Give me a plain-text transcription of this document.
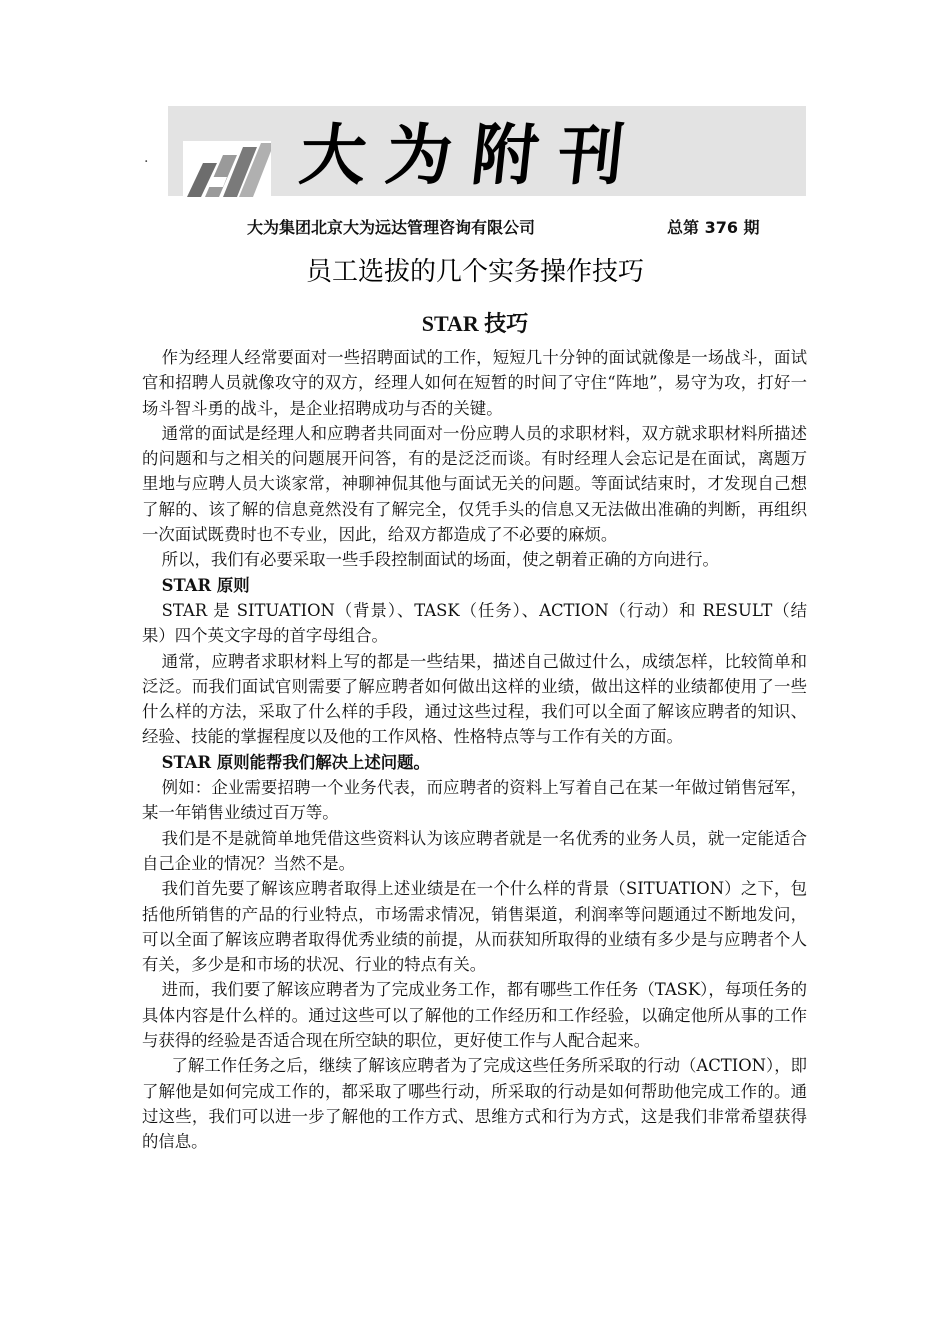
大为附刊
.
大为集团北京大为远达管理咨询有限公司	总第 376 期
员工选拔的几个实务操作技巧
STAR 技巧

作为经理人经常要面对一些招聘面试的工作，短短几十分钟的面试就像是一场战斗，面试官和招聘人员就像攻守的双方，经理人如何在短暂的时间了守住“阵地”，易守为攻，打好一场斗智斗勇的战斗，是企业招聘成功与否的关键。

通常的面试是经理人和应聘者共同面对一份应聘人员的求职材料，双方就求职材料所描述的问题和与之相关的问题展开问答，有的是泛泛而谈。有时经理人会忘记是在面试，离题万里地与应聘人员大谈家常，神聊神侃其他与面试无关的问题。等面试结束时，才发现自己想了解的、该了解的信息竟然没有了解完全，仅凭手头的信息又无法做出准确的判断，再组织一次面试既费时也不专业，因此，给双方都造成了不必要的麻烦。

所以，我们有必要采取一些手段控制面试的场面，使之朝着正确的方向进行。

STAR 原则

STAR 是 SITUATION（背景）、TASK（任务）、ACTION（行动）和 RESULT（结果）四个英文字母的首字母组合。

通常，应聘者求职材料上写的都是一些结果，描述自己做过什么，成绩怎样，比较简单和泛泛。而我们面试官则需要了解应聘者如何做出这样的业绩，做出这样的业绩都使用了一些什么样的方法，采取了什么样的手段，通过这些过程，我们可以全面了解该应聘者的知识、经验、技能的掌握程度以及他的工作风格、性格特点等与工作有关的方面。

STAR 原则能帮我们解决上述问题。

例如：企业需要招聘一个业务代表，而应聘者的资料上写着自己在某一年做过销售冠军，某一年销售业绩过百万等。

我们是不是就简单地凭借这些资料认为该应聘者就是一名优秀的业务人员，就一定能适合自己企业的情况？当然不是。

我们首先要了解该应聘者取得上述业绩是在一个什么样的背景（SITUATION）之下，包括他所销售的产品的行业特点，市场需求情况，销售渠道，利润率等问题通过不断地发问，可以全面了解该应聘者取得优秀业绩的前提，从而获知所取得的业绩有多少是与应聘者个人有关，多少是和市场的状况、行业的特点有关。

进而，我们要了解该应聘者为了完成业务工作，都有哪些工作任务（TASK），每项任务的具体内容是什么样的。通过这些可以了解他的工作经历和工作经验，以确定他所从事的工作与获得的经验是否适合现在所空缺的职位，更好使工作与人配合起来。

了解工作任务之后，继续了解该应聘者为了完成这些任务所采取的行动（ACTION），即了解他是如何完成工作的，都采取了哪些行动，所采取的行动是如何帮助他完成工作的。通过这些，我们可以进一步了解他的工作方式、思维方式和行为方式，这是我们非常希望获得的信息。
